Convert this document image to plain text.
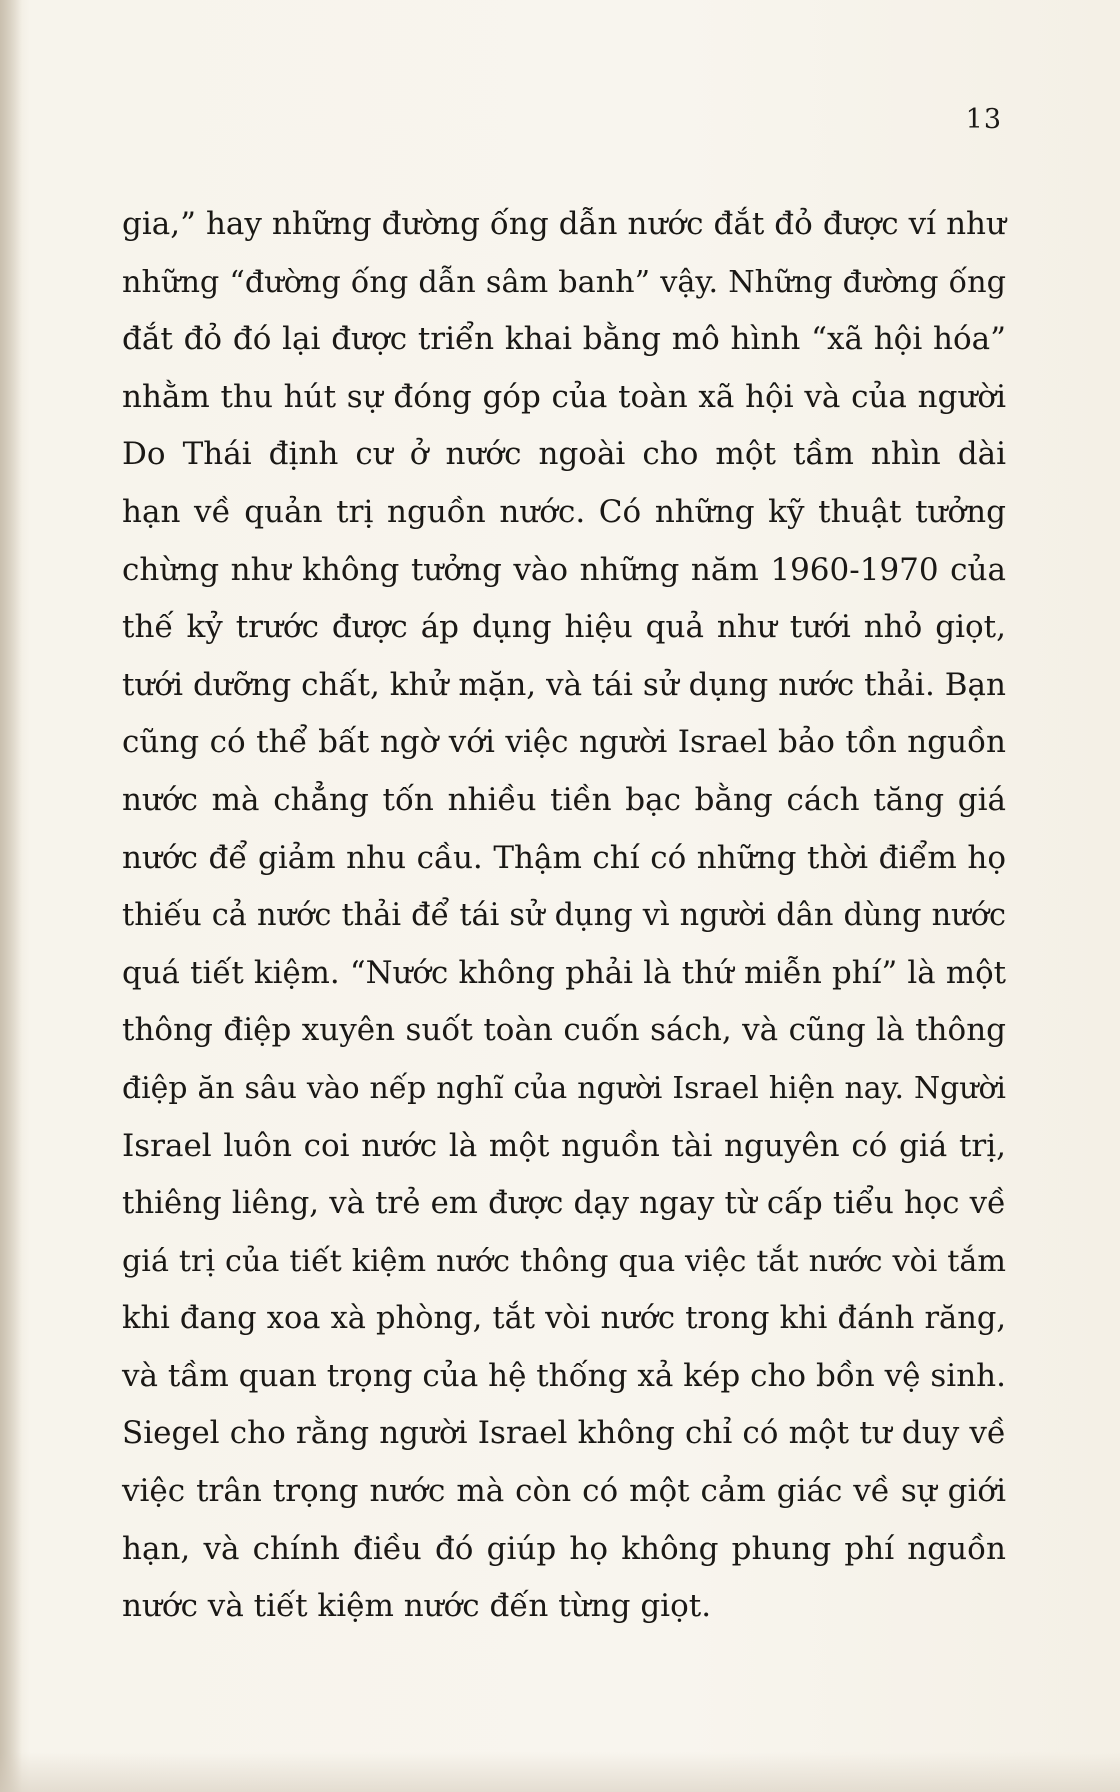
13
gia,” hay những đường ống dẫn nước đắt đỏ được ví như
những “đường ống dẫn sâm banh” vậy. Những đường ống
đắt đỏ đó lại được triển khai bằng mô hình “xã hội hóa”
nhằm thu hút sự đóng góp của toàn xã hội và của người
Do Thái định cư ở nước ngoài cho một tầm nhìn dài
hạn về quản trị nguồn nước. Có những kỹ thuật tưởng
chừng như không tưởng vào những năm 1960-1970 của
thế kỷ trước được áp dụng hiệu quả như tưới nhỏ giọt,
tưới dưỡng chất, khử mặn, và tái sử dụng nước thải. Bạn
cũng có thể bất ngờ với việc người Israel bảo tồn nguồn
nước mà chẳng tốn nhiều tiền bạc bằng cách tăng giá
nước để giảm nhu cầu. Thậm chí có những thời điểm họ
thiếu cả nước thải để tái sử dụng vì người dân dùng nước
quá tiết kiệm. “Nước không phải là thứ miễn phí” là một
thông điệp xuyên suốt toàn cuốn sách, và cũng là thông
điệp ăn sâu vào nếp nghĩ của người Israel hiện nay. Người
Israel luôn coi nước là một nguồn tài nguyên có giá trị,
thiêng liêng, và trẻ em được dạy ngay từ cấp tiểu học về
giá trị của tiết kiệm nước thông qua việc tắt nước vòi tắm
khi đang xoa xà phòng, tắt vòi nước trong khi đánh răng,
và tầm quan trọng của hệ thống xả kép cho bồn vệ sinh.
Siegel cho rằng người Israel không chỉ có một tư duy về
việc trân trọng nước mà còn có một cảm giác về sự giới
hạn, và chính điều đó giúp họ không phung phí nguồn
nước và tiết kiệm nước đến từng giọt.
